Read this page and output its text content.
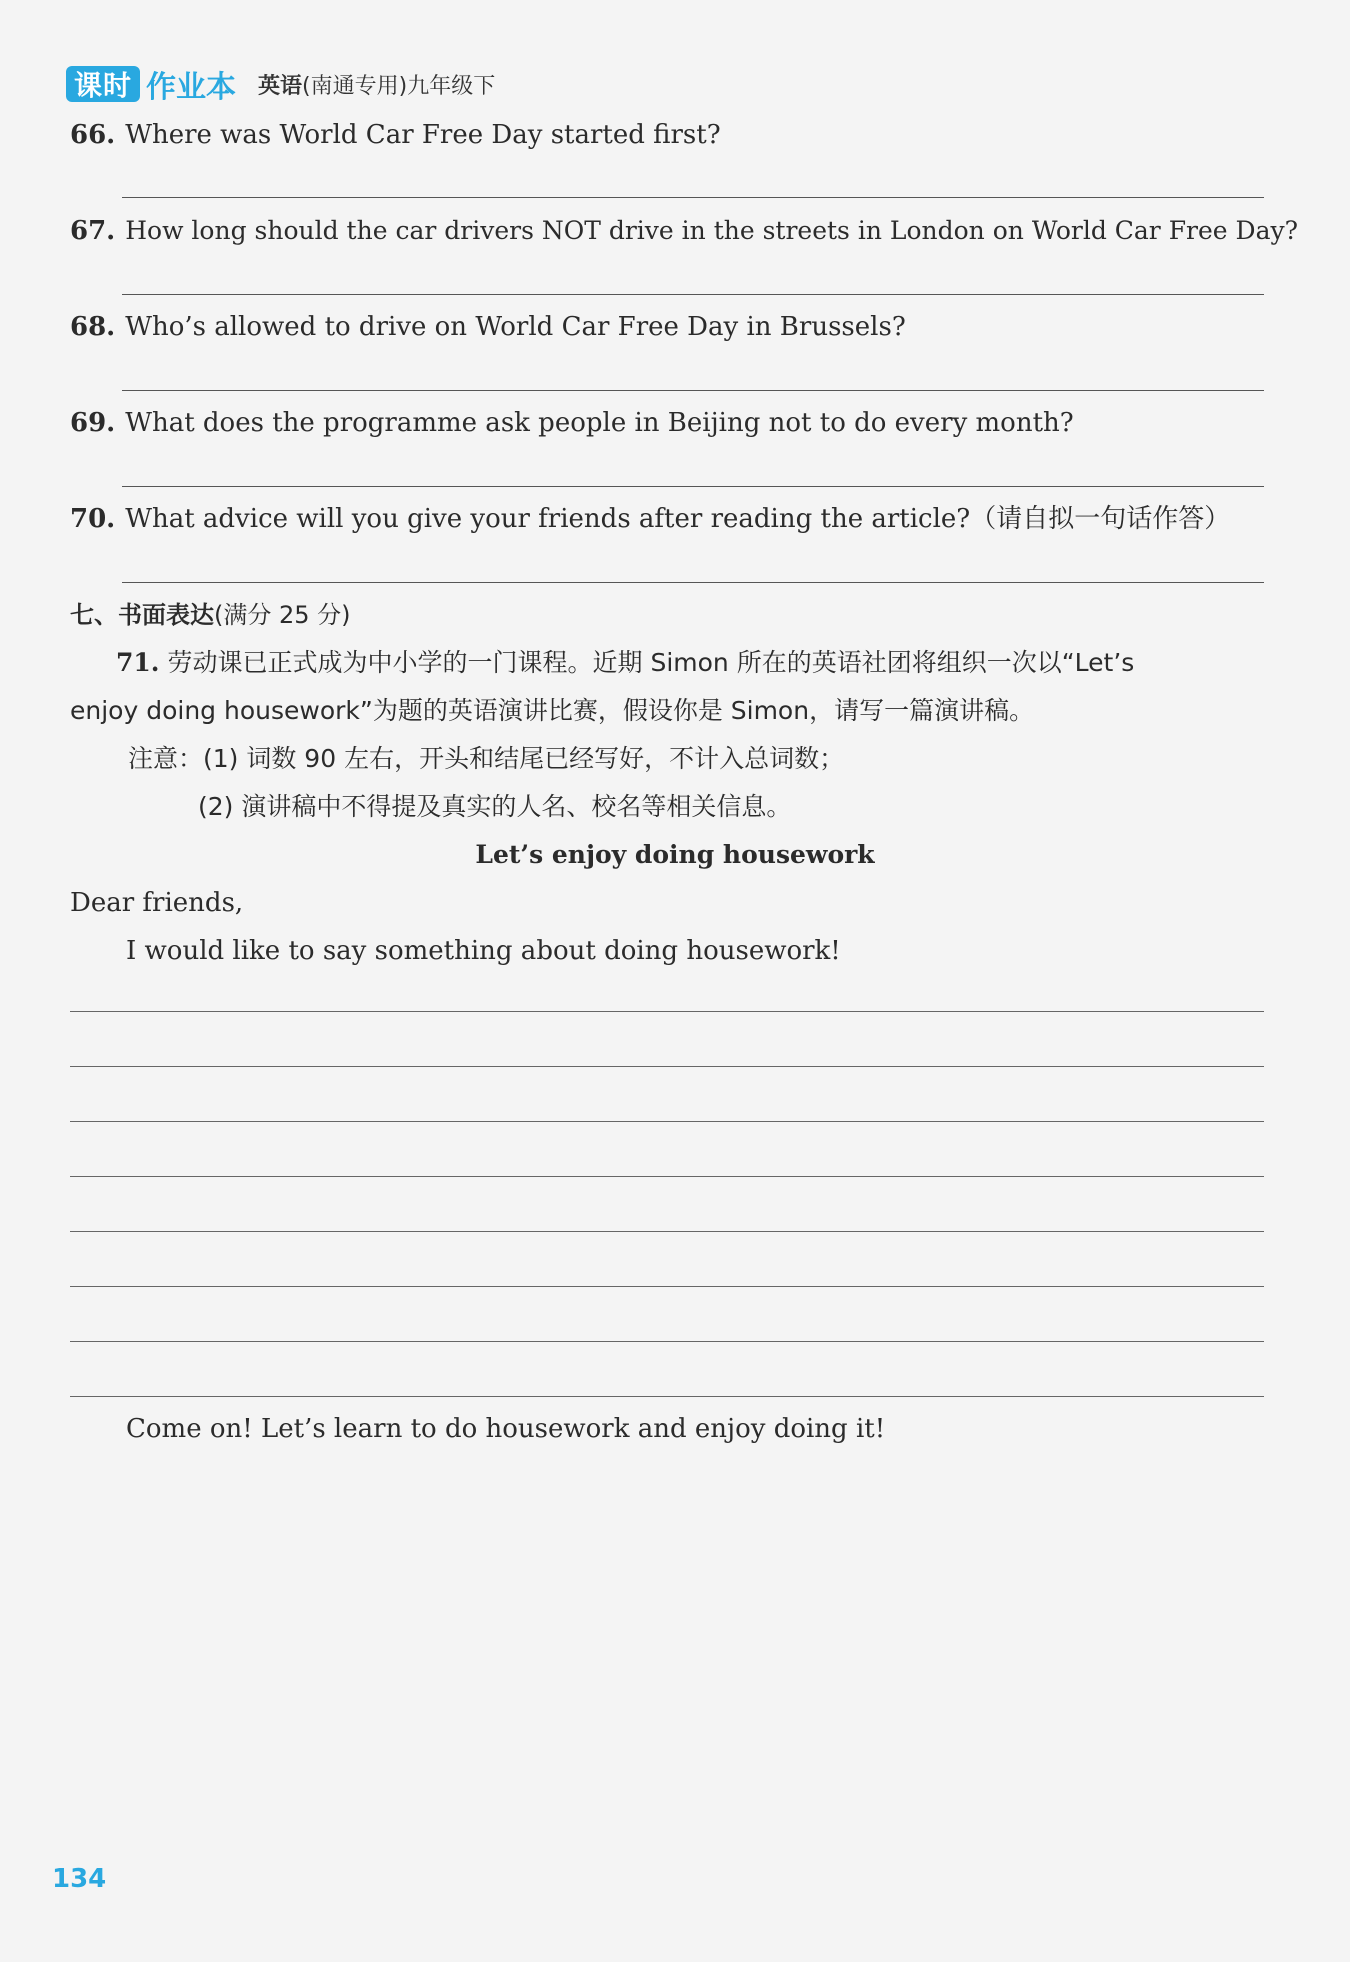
课时 作业本 英语(南通专用)九年级下
66. Where was World Car Free Day started first?
67. How long should the car drivers NOT drive in the streets in London on World Car Free Day?
68. Who’s allowed to drive on World Car Free Day in Brussels?
69. What does the programme ask people in Beijing not to do every month?
70. What advice will you give your friends after reading the article?（请自拟一句话作答）
七、书面表达(满分 25 分)
71. 劳动课已正式成为中小学的一门课程。近期 Simon 所在的英语社团将组织一次以“Let’s
enjoy doing housework”为题的英语演讲比赛，假设你是 Simon，请写一篇演讲稿。
注意：(1) 词数 90 左右，开头和结尾已经写好，不计入总词数；
(2) 演讲稿中不得提及真实的人名、校名等相关信息。
Let’s enjoy doing housework
Dear friends,
I would like to say something about doing housework!
Come on! Let’s learn to do housework and enjoy doing it!
134
